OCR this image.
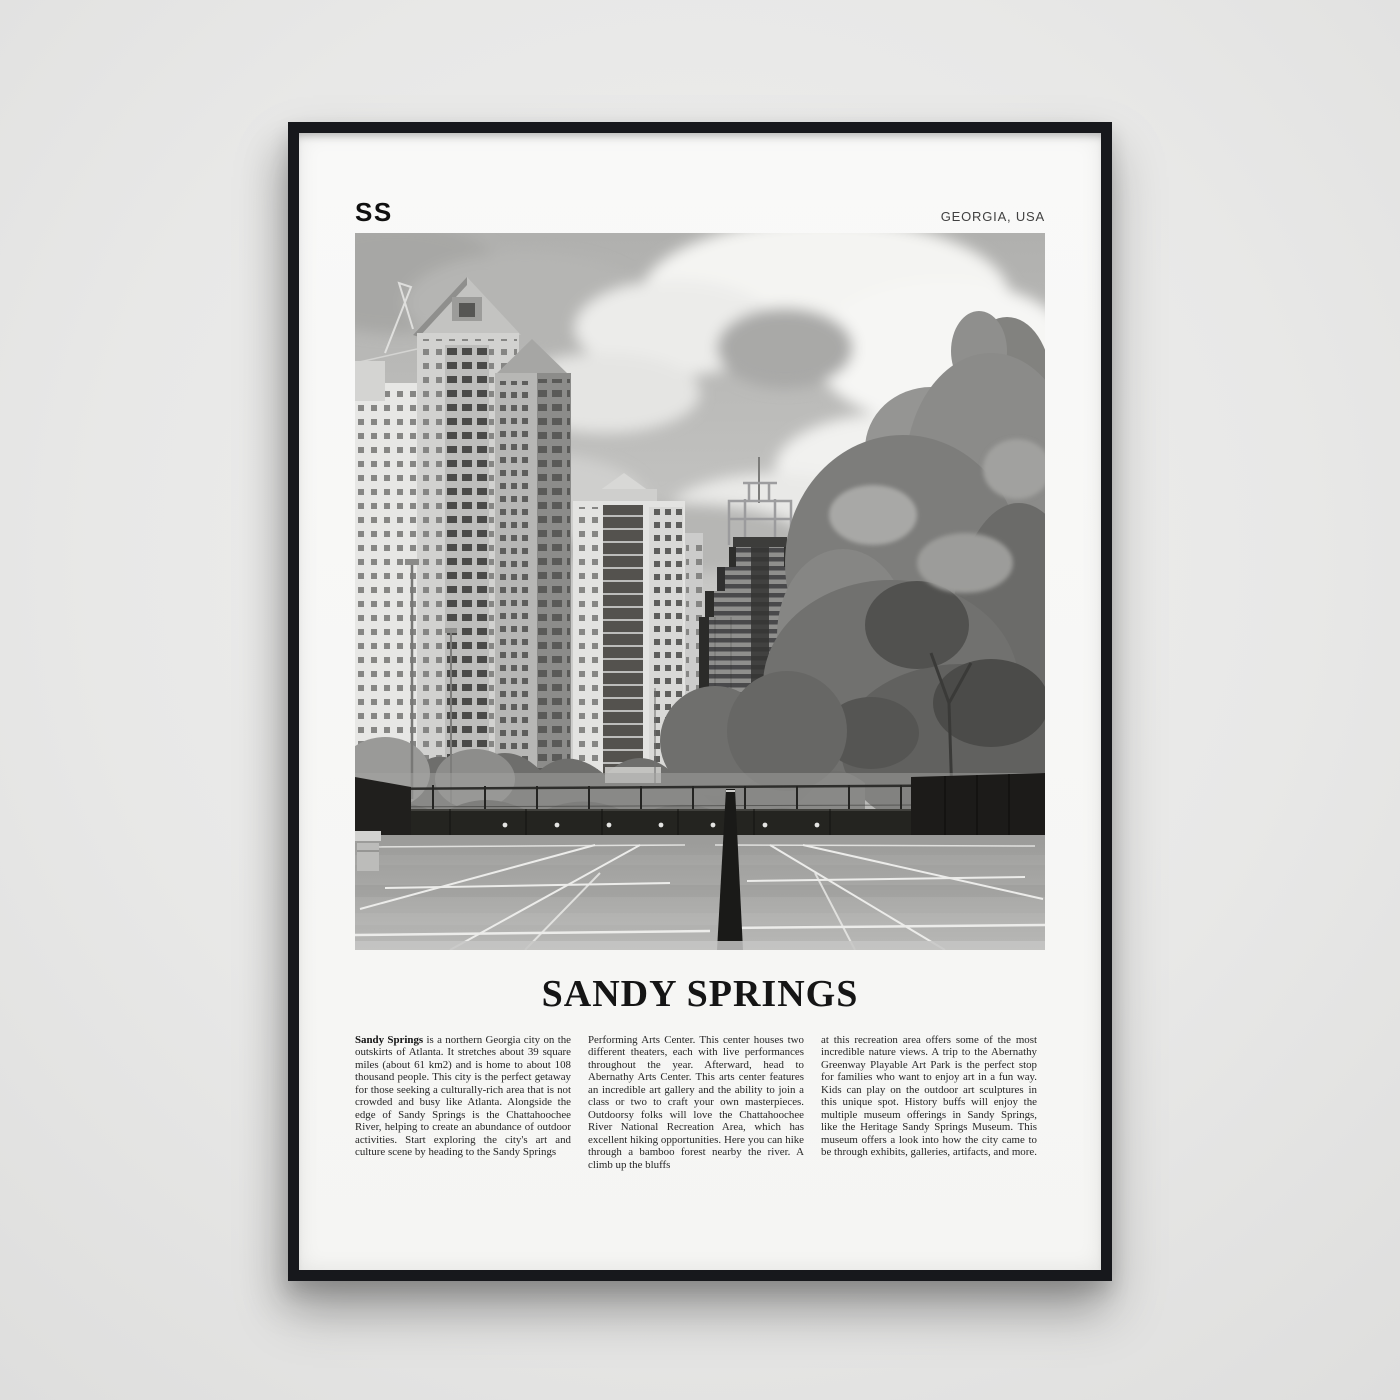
SS	GEORGIA, USA
SANDY SPRINGS

Sandy Springs is a northern Georgia city on the outskirts of Atlanta. It stretches about 39 square miles (about 61 km2) and is home to about 108 thousand people. This city is the perfect getaway for those seeking a culturally-rich area that is not crowded and busy like Atlanta. Alongside the edge of Sandy Springs is the Chattahoochee River, helping to create an abundance of outdoor activities. Start exploring the city's art and culture scene by heading to the Sandy Springs

Performing Arts Center. This center houses two different theaters, each with live performances throughout the year. Afterward, head to Abernathy Arts Center. This arts center features an incredible art gallery and the ability to join a class or two to craft your own masterpieces. Outdoorsy folks will love the Chattahoochee River National Recreation Area, which has excellent hiking opportunities. Here you can hike through a bamboo forest nearby the river. A climb up the bluffs

at this recreation area offers some of the most incredible nature views. A trip to the Abernathy Greenway Playable Art Park is the perfect stop for families who want to enjoy art in a fun way. Kids can play on the outdoor art sculptures in this unique spot. History buffs will enjoy the multiple museum offerings in Sandy Springs, like the Heritage Sandy Springs Museum. This museum offers a look into how the city came to be through exhibits, galleries, artifacts, and more.
